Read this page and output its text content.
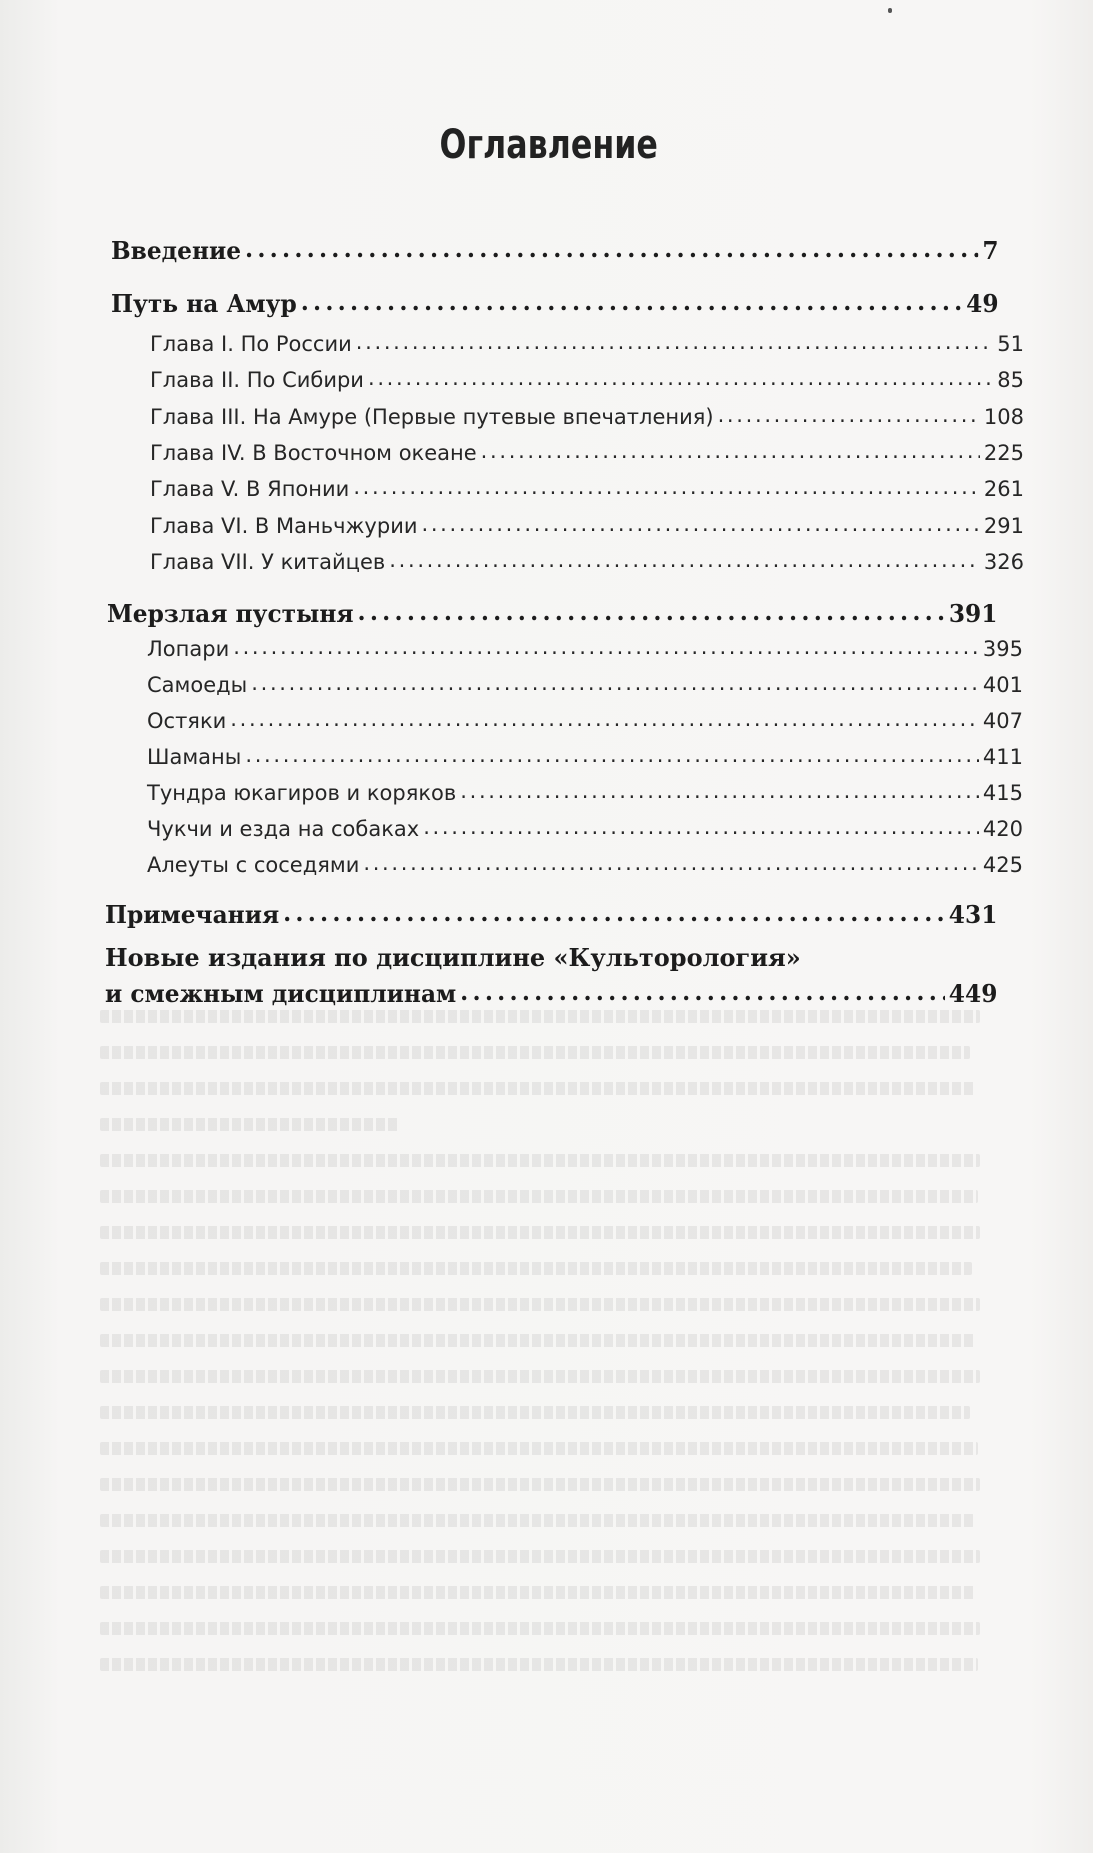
Оглавление
Введение . . .	7
Путь на Амур . . .	49
Глава I. По России . . .	51
Глава II. По Сибири . . .	85
Глава III. На Амуре (Первые путевые впечатления) . . .	108
Глава IV. В Восточном океане . . .	225
Глава V. В Японии . . .	261
Глава VI. В Маньчжурии . . .	291
Глава VII. У китайцев . . .	326
Мерзлая пустыня . . .	391
Лопари . . .	395
Самоеды . . .	401
Остяки . . .	407
Шаманы . . .	411
Тундра юкагиров и коряков . . .	415
Чукчи и езда на собаках . . .	420
Алеуты с соседями . . .	425
Примечания . . .	431
Новые издания по дисциплине «Культорология»
и смежным дисциплинам . . .	449
